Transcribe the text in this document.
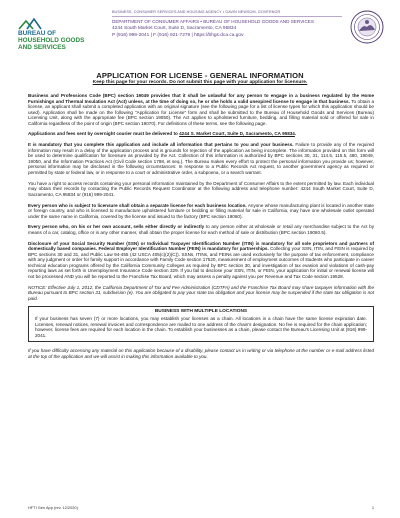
BUREAU OF
HOUSEHOLD GOODS
AND SERVICES
BUSINESS, CONSUMER SERVICES AND HOUSING AGENCY • GAVIN NEWSOM, GOVERNOR
DEPARTMENT OF CONSUMER AFFAIRS • BUREAU OF HOUSEHOLD GOODS AND SERVICES
4244 South Market Court, Suite D, Sacramento, CA 95834
P (916) 999-2041 | F (916) 921-7279 | https://bhgs.dca.ca.gov
APPLICATION FOR LICENSE - GENERAL INFORMATION
Keep this page for your records. Do not submit this page with your application for licensure.

Business and Professions Code (BPC) section 19049 provides that it shall be unlawful for any person to engage in a business regulated by the Home Furnishings and Thermal Insulation Act (Act) unless, at the time of doing so, he or she holds a valid unexpired license to engage in that business. To obtain a license, an applicant shall submit a completed application with an original signature (see the following page for a list of license types for which this application should be used). Application shall be made on the following "Application for License" form and shall be submitted to the Bureau of Household Goods and Services (Bureau) Licensing Unit, along with the appropriate fee (BPC section 19050). The Act applies to upholstered furniture, bedding, and filling material sold or offered for sale in California regardless of the point of origin (BPC section 19070). For definitions of these terms, see the following page.

Applications and fees sent by overnight courier must be delivered to 4244 S. Market Court, Suite D, Sacramento, CA 95834.

It is mandatory that you complete this application and include all information that pertains to you and your business. Failure to provide any of the required information may result in a delay of the application process and is grounds for rejection of the application as being incomplete. The information provided on this form will be used to determine qualification for licensure as provided by the Act. Collection of this information is authorized by BPC sections 30, 31, 114.5, 115.5, 480, 19049, 19050, and the Information Practices Act (Civil Code section 1798, et seq.). The Bureau makes every effort to protect the personal information you provide us; however, personal information may be disclosed in the following circumstances: In response to a Public Records Act request, to another government agency as required or permitted by state or federal law, or in response to a court or administrative order, a subpoena, or a search warrant.

You have a right to access records containing your personal information maintained by the Department of Consumer Affairs to the extent permitted by law. Each individual may obtain their records by contacting the Public Records Request Coordinator at the following address and telephone number: 4244 South Market Court, Suite D, Sacramento, CA 95834 or (916) 999-2041.

Every person who is subject to licensure shall obtain a separate license for each business location. Anyone whose manufacturing plant is located in another state or foreign country, and who is licensed to manufacture upholstered furniture or bedding or filling material for sale in California, may have one wholesale outlet operated under the same name in California, covered by the license and issued to the factory (BPC section 19060).

Every person who, on his or her own account, sells either directly or indirectly to any person either at wholesale or retail any merchandise subject to the Act by means of a car, catalog, office or in any other manner, shall obtain the proper license for each method of sale or distribution (BPC section 19060.5).

Disclosure of your Social Security Number (SSN) or Individual Taxpayer Identification Number (ITIN) is mandatory for all sole proprietors and partners of domestically based companies. Federal Employer Identification Number (FEIN) is mandatory for partnerships. Collecting your SSN, ITIN, and FEIN is required by BPC sections 30 and 31, and Public Law 94-455 (42 USCA 405(c)(2)(C)). SSNs, ITINs, and FEINs are used exclusively for the purpose of tax enforcement, compliance with any judgment or order for family support in accordance with Family Code section 17520, measurement of employment outcomes of students who participate in career technical education programs offered by the California Community Colleges as required by BPC section 30, and investigation of tax evasion and violations of cash-pay reporting laws as set forth in Unemployment Insurance Code section 329. If you fail to disclose your SSN, ITIN, or FEIN, your application for initial or renewal license will not be processed AND you will be reported to the Franchise Tax Board, which may assess a penalty against you per Revenue and Tax Code section 19528.

NOTICE: Effective July 1, 2012, the California Department of Tax and Fee Administration (CDTFA) and the Franchise Tax Board may share taxpayer information with the Bureau pursuant to BPC section 31, subdivision (e). You are obligated to pay your state tax obligation and your license may be suspended if the state tax obligation is not paid.

BUSINESS WITH MULTIPLE LOCATIONS
If your business has seven (7) or more locations, you may establish your licenses as a chain. All locations in a chain have the same license expiration date. Licenses, renewal notices, renewal invoices and correspondence are mailed to one address of the chain's designation. No fee is required for the chain application; however, license fees are required for each location in the chain. To establish your businesses as a chain, please contact the Bureau's Licensing Unit at (916) 999-2041.

If you have difficulty accessing any material on this application because of a disability, please contact us in writing or via telephone at the number or e-mail address listed at the top of the application and we will assist in making this information available to you.

HFTI Gen App (rev. 12/2020)	1
